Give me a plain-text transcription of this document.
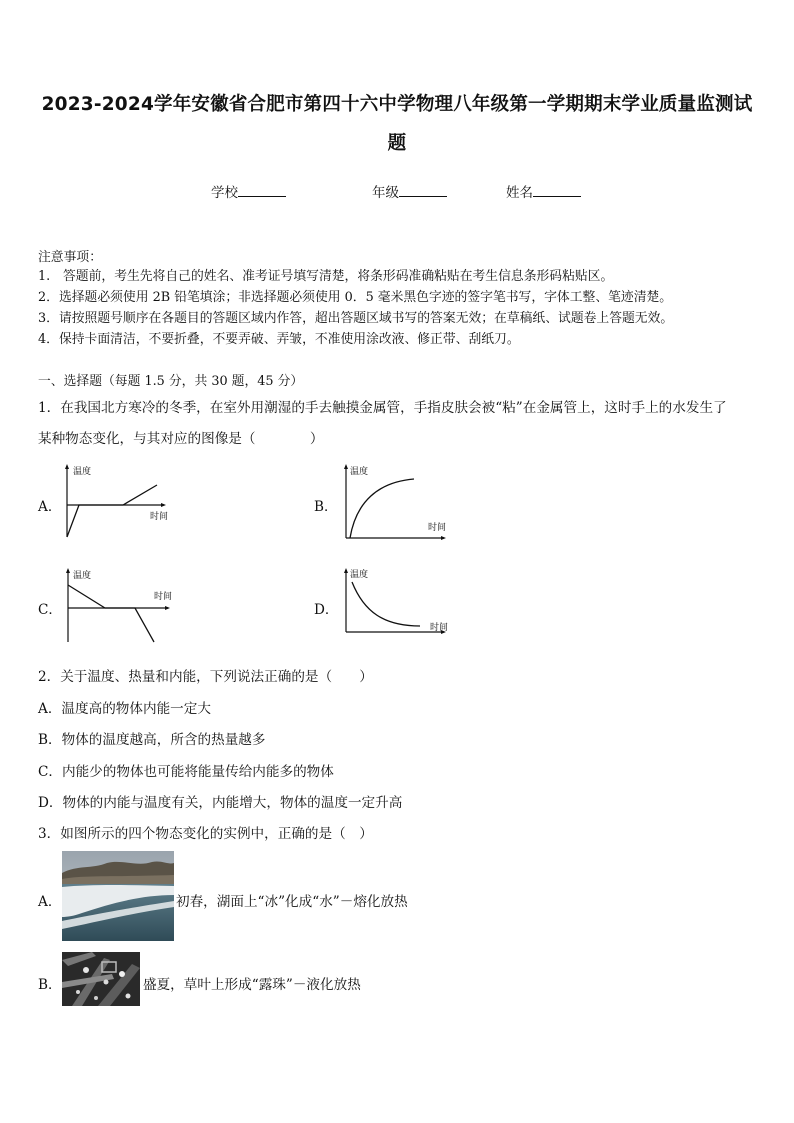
2023-2024学年安徽省合肥市第四十六中学物理八年级第一学期期末学业质量监测试
题
学校	年级	姓名
注意事项：
1.　答题前，考生先将自己的姓名、准考证号填写清楚，将条形码准确粘贴在考生信息条形码粘贴区。
2．选择题必须使用 2B 铅笔填涂；非选择题必须使用 0．5 毫米黑色字迹的签字笔书写，字体工整、笔迹清楚。
3．请按照题号顺序在各题目的答题区域内作答，超出答题区域书写的答案无效；在草稿纸、试题卷上答题无效。
4．保持卡面清洁，不要折叠，不要弄破、弄皱，不准使用涂改液、修正带、刮纸刀。
一、选择题（每题 1.5 分，共 30 题，45 分）
1．在我国北方寒冷的冬季，在室外用潮湿的手去触摸金属管，手指皮肤会被“粘”在金属管上，这时手上的水发生了
某种物态变化，与其对应的图像是（　　　　）
A．
温度
时间
B．
温度
时间
C．
温度
时间
D．
温度
时间
2．关于温度、热量和内能，下列说法正确的是（　　）
A．温度高的物体内能一定大
B．物体的温度越高，所含的热量越多
C．内能少的物体也可能将能量传给内能多的物体
D．物体的内能与温度有关，内能增大，物体的温度一定升高
3．如图所示的四个物态变化的实例中，正确的是（　）
A．	初春，湖面上“冰”化成“水”－熔化放热
B．	盛夏，草叶上形成“露珠”－液化放热
